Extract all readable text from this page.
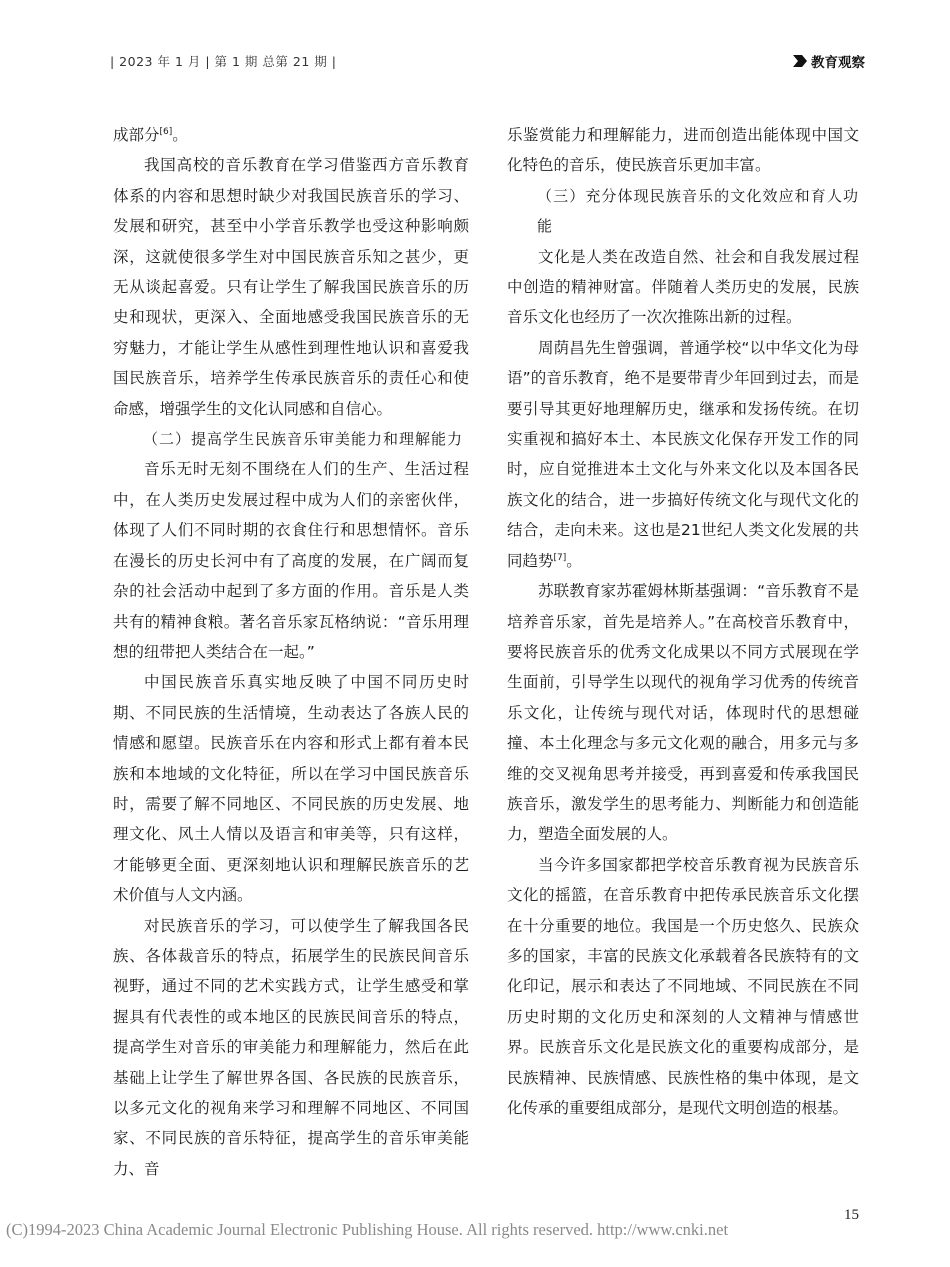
| 2023 年 1 月 | 第 1 期 总第 21 期 |	教育观察

成部分[6]。

我国高校的音乐教育在学习借鉴西方音乐教育体系的内容和思想时缺少对我国民族音乐的学习、发展和研究，甚至中小学音乐教学也受这种影响颇深，这就使很多学生对中国民族音乐知之甚少，更无从谈起喜爱。只有让学生了解我国民族音乐的历史和现状，更深入、全面地感受我国民族音乐的无穷魅力，才能让学生从感性到理性地认识和喜爱我国民族音乐，培养学生传承民族音乐的责任心和使命感，增强学生的文化认同感和自信心。

（二）提高学生民族音乐审美能力和理解能力

音乐无时无刻不围绕在人们的生产、生活过程中，在人类历史发展过程中成为人们的亲密伙伴，体现了人们不同时期的衣食住行和思想情怀。音乐在漫长的历史长河中有了高度的发展，在广阔而复杂的社会活动中起到了多方面的作用。音乐是人类共有的精神食粮。著名音乐家瓦格纳说：“音乐用理想的纽带把人类结合在一起。”

中国民族音乐真实地反映了中国不同历史时期、不同民族的生活情境，生动表达了各族人民的情感和愿望。民族音乐在内容和形式上都有着本民族和本地域的文化特征，所以在学习中国民族音乐时，需要了解不同地区、不同民族的历史发展、地理文化、风土人情以及语言和审美等，只有这样，才能够更全面、更深刻地认识和理解民族音乐的艺术价值与人文内涵。

对民族音乐的学习，可以使学生了解我国各民族、各体裁音乐的特点，拓展学生的民族民间音乐视野，通过不同的艺术实践方式，让学生感受和掌握具有代表性的或本地区的民族民间音乐的特点，提高学生对音乐的审美能力和理解能力，然后在此基础上让学生了解世界各国、各民族的民族音乐，以多元文化的视角来学习和理解不同地区、不同国家、不同民族的音乐特征，提高学生的音乐审美能力、音

乐鉴赏能力和理解能力，进而创造出能体现中国文化特色的音乐，使民族音乐更加丰富。

（三）充分体现民族音乐的文化效应和育人功能

文化是人类在改造自然、社会和自我发展过程中创造的精神财富。伴随着人类历史的发展，民族音乐文化也经历了一次次推陈出新的过程。

周荫昌先生曾强调，普通学校“以中华文化为母语”的音乐教育，绝不是要带青少年回到过去，而是要引导其更好地理解历史，继承和发扬传统。在切实重视和搞好本土、本民族文化保存开发工作的同时，应自觉推进本土文化与外来文化以及本国各民族文化的结合，进一步搞好传统文化与现代文化的结合，走向未来。这也是21世纪人类文化发展的共同趋势[7]。

苏联教育家苏霍姆林斯基强调：“音乐教育不是培养音乐家，首先是培养人。”在高校音乐教育中，要将民族音乐的优秀文化成果以不同方式展现在学生面前，引导学生以现代的视角学习优秀的传统音乐文化，让传统与现代对话，体现时代的思想碰撞、本土化理念与多元文化观的融合，用多元与多维的交叉视角思考并接受，再到喜爱和传承我国民族音乐，激发学生的思考能力、判断能力和创造能力，塑造全面发展的人。

当今许多国家都把学校音乐教育视为民族音乐文化的摇篮，在音乐教育中把传承民族音乐文化摆在十分重要的地位。我国是一个历史悠久、民族众多的国家，丰富的民族文化承载着各民族特有的文化印记，展示和表达了不同地域、不同民族在不同历史时期的文化历史和深刻的人文精神与情感世界。民族音乐文化是民族文化的重要构成部分，是民族精神、民族情感、民族性格的集中体现，是文化传承的重要组成部分，是现代文明创造的根基。

15
(C)1994-2023 China Academic Journal Electronic Publishing House. All rights reserved. http://www.cnki.net
